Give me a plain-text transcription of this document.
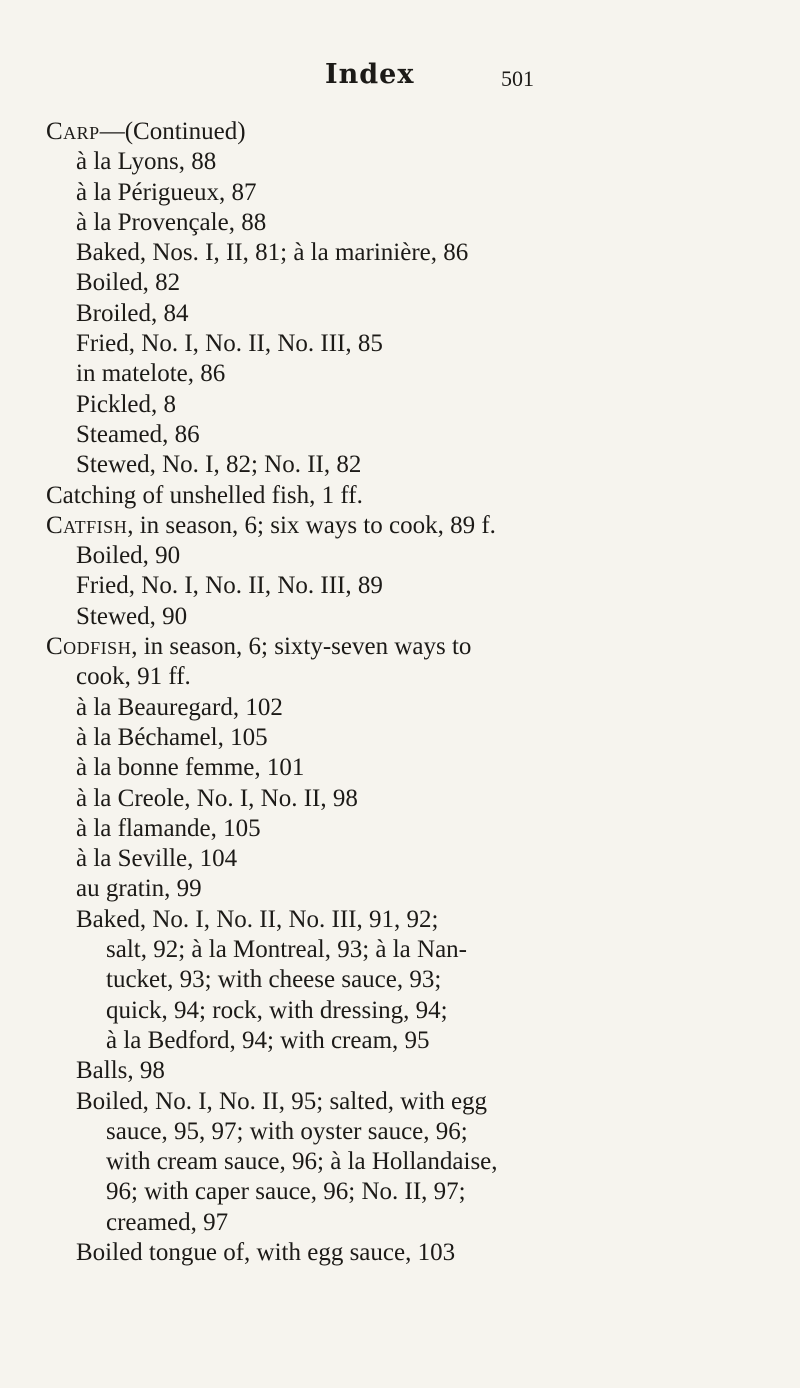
Index	501
Carp—(Continued)
à la Lyons, 88
à la Périgueux, 87
à la Provençale, 88
Baked, Nos. I, II, 81; à la marinière, 86
Boiled, 82
Broiled, 84
Fried, No. I, No. II, No. III, 85
in matelote, 86
Pickled, 8
Steamed, 86
Stewed, No. I, 82; No. II, 82
Catching of unshelled fish, 1 ff.
Catfish, in season, 6; six ways to cook, 89 f.
Boiled, 90
Fried, No. I, No. II, No. III, 89
Stewed, 90
Codfish, in season, 6; sixty-seven ways to
cook, 91 ff.
à la Beauregard, 102
à la Béchamel, 105
à la bonne femme, 101
à la Creole, No. I, No. II, 98
à la flamande, 105
à la Seville, 104
au gratin, 99
Baked, No. I, No. II, No. III, 91, 92;
salt, 92; à la Montreal, 93; à la Nan-
tucket, 93; with cheese sauce, 93;
quick, 94; rock, with dressing, 94;
à la Bedford, 94; with cream, 95
Balls, 98
Boiled, No. I, No. II, 95; salted, with egg
sauce, 95, 97; with oyster sauce, 96;
with cream sauce, 96; à la Hollandaise,
96; with caper sauce, 96; No. II, 97;
creamed, 97
Boiled tongue of, with egg sauce, 103
